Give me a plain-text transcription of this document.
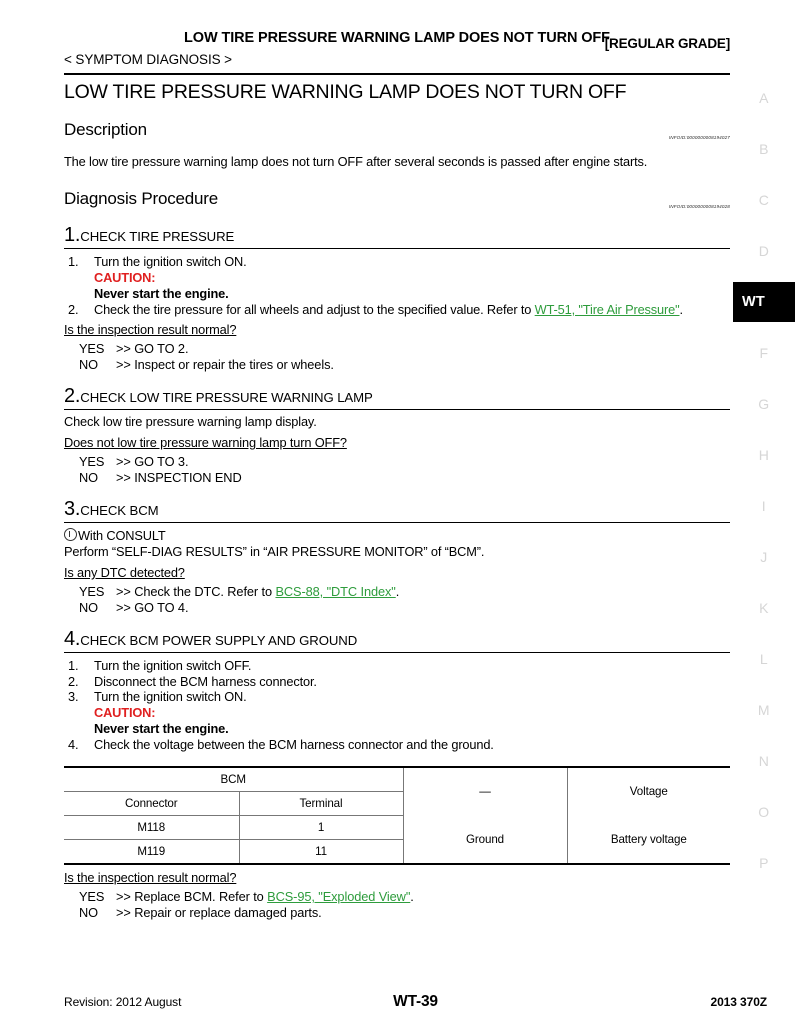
A
B
C
D
WT
F
G
H
I
J
K
L
M
N
O
P
LOW TIRE PRESSURE WARNING LAMP DOES NOT TURN OFF
< SYMPTOM DIAGNOSIS >
[REGULAR GRADE]
LOW TIRE PRESSURE WARNING LAMP DOES NOT TURN OFF
Description	INFOID:0000000008194027
The low tire pressure warning lamp does not turn OFF after several seconds is passed after engine starts.
Diagnosis Procedure	INFOID:0000000008194028
1.CHECK TIRE PRESSURE
1. Turn the ignition switch ON.
CAUTION:
Never start the engine.
2. Check the tire pressure for all wheels and adjust to the specified value. Refer to WT-51, "Tire Air Pressure".
Is the inspection result normal?
YES >> GO TO 2.
NO >> Inspect or repair the tires or wheels.
2.CHECK LOW TIRE PRESSURE WARNING LAMP
Check low tire pressure warning lamp display.
Does not low tire pressure warning lamp turn OFF?
YES >> GO TO 3.
NO >> INSPECTION END
3.CHECK BCM
With CONSULT
Perform “SELF-DIAG RESULTS” in “AIR PRESSURE MONITOR” of “BCM”.
Is any DTC detected?
YES >> Check the DTC. Refer to BCS-88, "DTC Index".
NO >> GO TO 4.
4.CHECK BCM POWER SUPPLY AND GROUND
1. Turn the ignition switch OFF.
2. Disconnect the BCM harness connector.
3. Turn the ignition switch ON.
CAUTION:
Never start the engine.
4. Check the voltage between the BCM harness connector and the ground.
BCM		—	Voltage
Connector	Terminal		
M118	1	Ground	Battery voltage
M119	11		
Is the inspection result normal?
YES >> Replace BCM. Refer to BCS-95, "Exploded View".
NO >> Repair or replace damaged parts.
Revision: 2012 August	WT-39	2013 370Z
